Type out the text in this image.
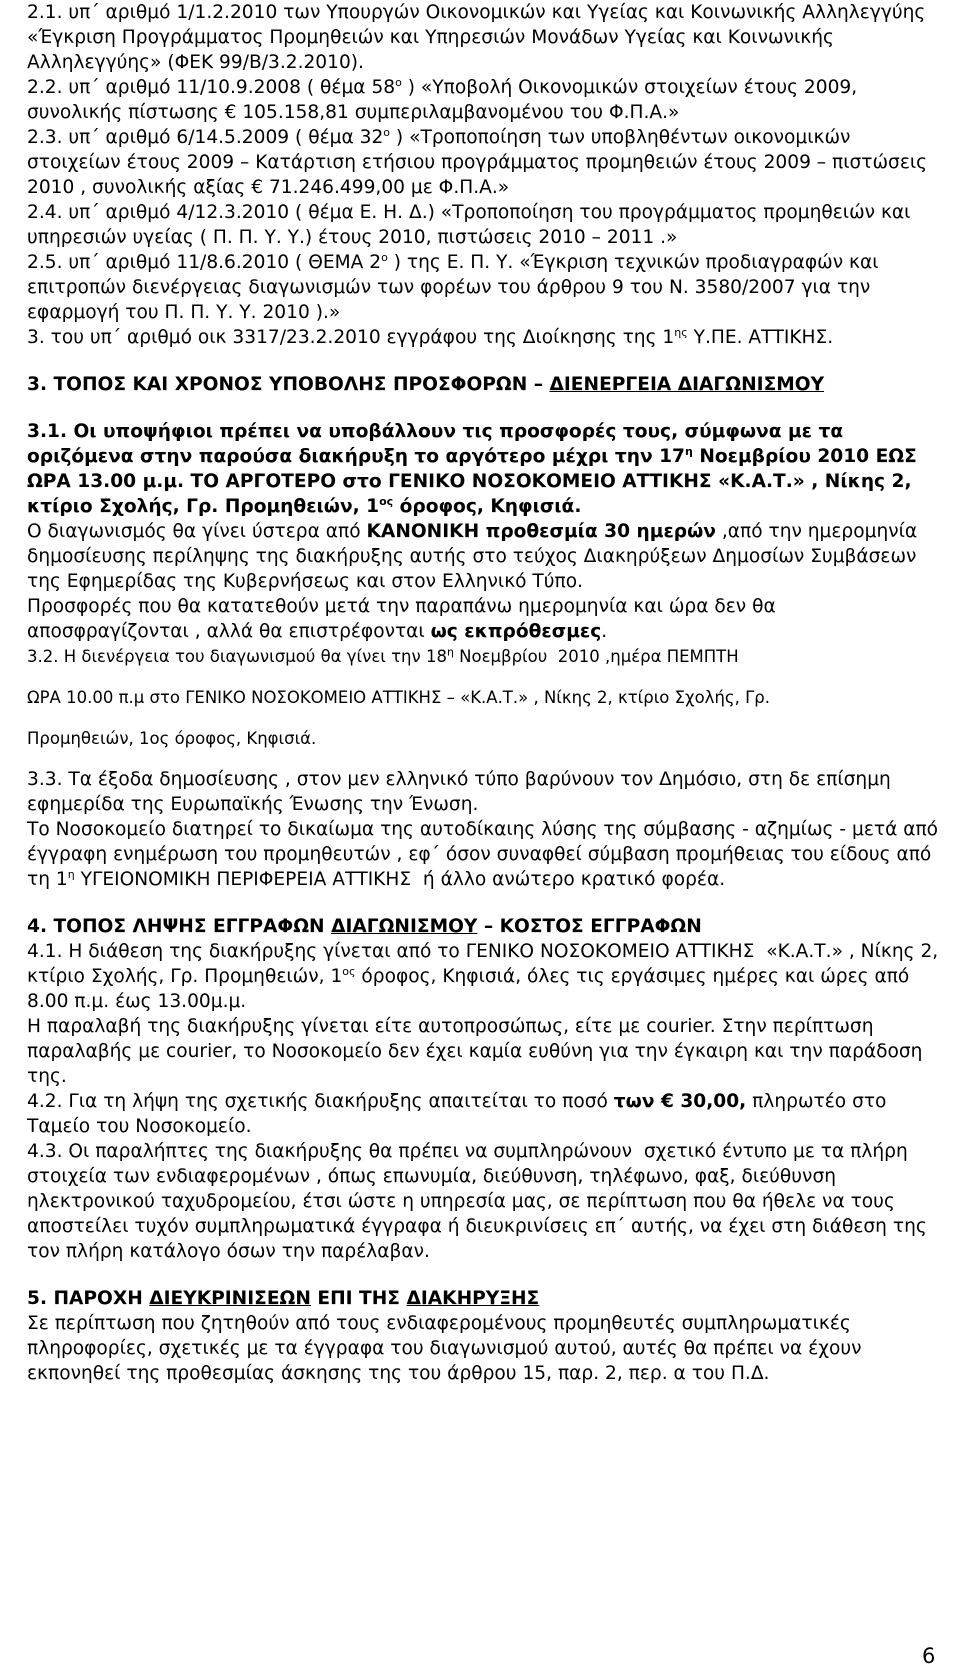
2.1. υπ΄ αριθμό 1/1.2.2010 των Υπουργών Οικονομικών και Υγείας και Κοινωνικής Αλληλεγγύης «Έγκριση Προγράμματος Προμηθειών και Υπηρεσιών Μονάδων Υγείας και Κοινωνικής Αλληλεγγύης» (ΦΕΚ 99/Β/3.2.2010).

2.2. υπ΄ αριθμό 11/10.9.2008 ( θέμα $58^o$ ) «Υποβολή Οικονομικών στοιχείων έτους 2009, συνολικής πίστωσης € 105.158,81 συμπεριλαμβανομένου του Φ.Π.Α.»

2.3. υπ΄ αριθμό 6/14.5.2009 ( θέμα $32^o$ ) «Τροποποίηση των υποβληθέντων οικονομικών στοιχείων έτους 2009 – Κατάρτιση ετήσιου προγράμματος προμηθειών έτους 2009 – πιστώσεις 2010 , συνολικής αξίας € 71.246.499,00 με Φ.Π.Α.»

2.4. υπ΄ αριθμό 4/12.3.2010 ( θέμα Ε. Η. Δ.) «Τροποποίηση του προγράμματος προμηθειών και υπηρεσιών υγείας ( Π. Π. Υ. Υ.) έτους 2010, πιστώσεις 2010 – 2011 .»

2.5. υπ΄ αριθμό 11/8.6.2010 ( ΘΕΜΑ $2^o$ ) της Ε. Π. Υ. «Έγκριση τεχνικών προδιαγραφών και επιτροπών διενέργειας διαγωνισμών των φορέων του άρθρου 9 του Ν. 3580/2007 για την εφαρμογή του Π. Π. Υ. Υ. 2010 ).»

3. του υπ΄ αριθμό οικ 3317/23.2.2010 εγγράφου της Διοίκησης της $1^{\eta\varsigma}$ Υ.ΠΕ. ΑΤΤΙΚΗΣ.

3. ΤΟΠΟΣ ΚΑΙ ΧΡΟΝΟΣ ΥΠΟΒΟΛΗΣ ΠΡΟΣΦΟΡΩΝ – ΔΙΕΝΕΡΓΕΙΑ ΔΙΑΓΩΝΙΣΜΟΥ

3.1. Οι υποψήφιοι πρέπει να υποβάλλουν τις προσφορές τους, σύμφωνα με τα οριζόμενα στην παρούσα διακήρυξη το αργότερο μέχρι την $17^\eta$ Νοεμβρίου 2010 ΕΩΣ ΩΡΑ 13.00 μ.μ. ΤΟ ΑΡΓΟΤΕΡΟ στο ΓΕΝΙΚΟ ΝΟΣΟΚΟΜΕΙΟ ΑΤΤΙΚΗΣ «Κ.Α.Τ.» , Νίκης 2, κτίριο Σχολής, Γρ. Προμηθειών, $1^{o\varsigma}$ όροφος, Κηφισιά.

Ο διαγωνισμός θα γίνει ύστερα από ΚΑΝΟΝΙΚΗ προθεσμία 30 ημερών ,από την ημερομηνία δημοσίευσης περίληψης της διακήρυξης αυτής στο τεύχος Διακηρύξεων Δημοσίων Συμβάσεων της Εφημερίδας της Κυβερνήσεως και στον Ελληνικό Τύπο.

Προσφορές που θα κατατεθούν μετά την παραπάνω ημερομηνία και ώρα δεν θα αποσφραγίζονται , αλλά θα επιστρέφονται ως εκπρόθεσμες.

3.2. Η διενέργεια του διαγωνισμού θα γίνει την $18^\eta$ Νοεμβρίου  2010 ,ημέρα ΠΕΜΠΤΗ

ΩΡΑ 10.00 π.μ στο ΓΕΝΙΚΟ ΝΟΣΟΚΟΜΕΙΟ ΑΤΤΙΚΗΣ – «Κ.Α.Τ.» , Νίκης 2, κτίριο Σχολής, Γρ.

Προμηθειών, 1ος όροφος, Κηφισιά.

3.3. Τα έξοδα δημοσίευσης , στον μεν ελληνικό τύπο βαρύνουν τον Δημόσιο, στη δε επίσημη εφημερίδα της Ευρωπαϊκής Ένωσης την Ένωση.

Το Νοσοκομείο διατηρεί το δικαίωμα της αυτοδίκαιης λύσης της σύμβασης - αζημίως - μετά από έγγραφη ενημέρωση του προμηθευτών , εφ΄ όσον συναφθεί σύμβαση προμήθειας του είδους από τη $1^\eta$ ΥΓΕΙΟΝΟΜΙΚΗ ΠΕΡΙΦΕΡΕΙΑ ΑΤΤΙΚΗΣ  ή άλλο ανώτερο κρατικό φορέα.

4. ΤΟΠΟΣ ΛΗΨΗΣ ΕΓΓΡΑΦΩΝ ΔΙΑΓΩΝΙΣΜΟΥ – ΚΟΣΤΟΣ ΕΓΓΡΑΦΩΝ

4.1. Η διάθεση της διακήρυξης γίνεται από το ΓΕΝΙΚΟ ΝΟΣΟΚΟΜΕΙΟ ΑΤΤΙΚΗΣ  «Κ.Α.Τ.» , Νίκης 2, κτίριο Σχολής, Γρ. Προμηθειών, $1^{o\varsigma}$ όροφος, Κηφισιά, όλες τις εργάσιμες ημέρες και ώρες από 8.00 π.μ. έως 13.00μ.μ.

Η παραλαβή της διακήρυξης γίνεται είτε αυτοπροσώπως, είτε με courier. Στην περίπτωση παραλαβής με courier, το Νοσοκομείο δεν έχει καμία ευθύνη για την έγκαιρη και την παράδοση της.

4.2. Για τη λήψη της σχετικής διακήρυξης απαιτείται το ποσό των € 30,00, πληρωτέο στο Ταμείο του Νοσοκομείο.

4.3. Οι παραλήπτες της διακήρυξης θα πρέπει να συμπληρώνουν  σχετικό έντυπο με τα πλήρη στοιχεία των ενδιαφερομένων , όπως επωνυμία, διεύθυνση, τηλέφωνο, φαξ, διεύθυνση ηλεκτρονικού ταχυδρομείου, έτσι ώστε η υπηρεσία μας, σε περίπτωση που θα ήθελε να τους αποστείλει τυχόν συμπληρωματικά έγγραφα ή διευκρινίσεις επ΄ αυτής, να έχει στη διάθεση της τον πλήρη κατάλογο όσων την παρέλαβαν.

5. ΠΑΡΟΧΗ ΔΙΕΥΚΡΙΝΙΣΕΩΝ ΕΠΙ ΤΗΣ ΔΙΑΚΗΡΥΞΗΣ

Σε περίπτωση που ζητηθούν από τους ενδιαφερομένους προμηθευτές συμπληρωματικές πληροφορίες, σχετικές με τα έγγραφα του διαγωνισμού αυτού, αυτές θα πρέπει να έχουν εκπονηθεί της προθεσμίας άσκησης της του άρθρου 15, παρ. 2, περ. α του Π.Δ.

6
